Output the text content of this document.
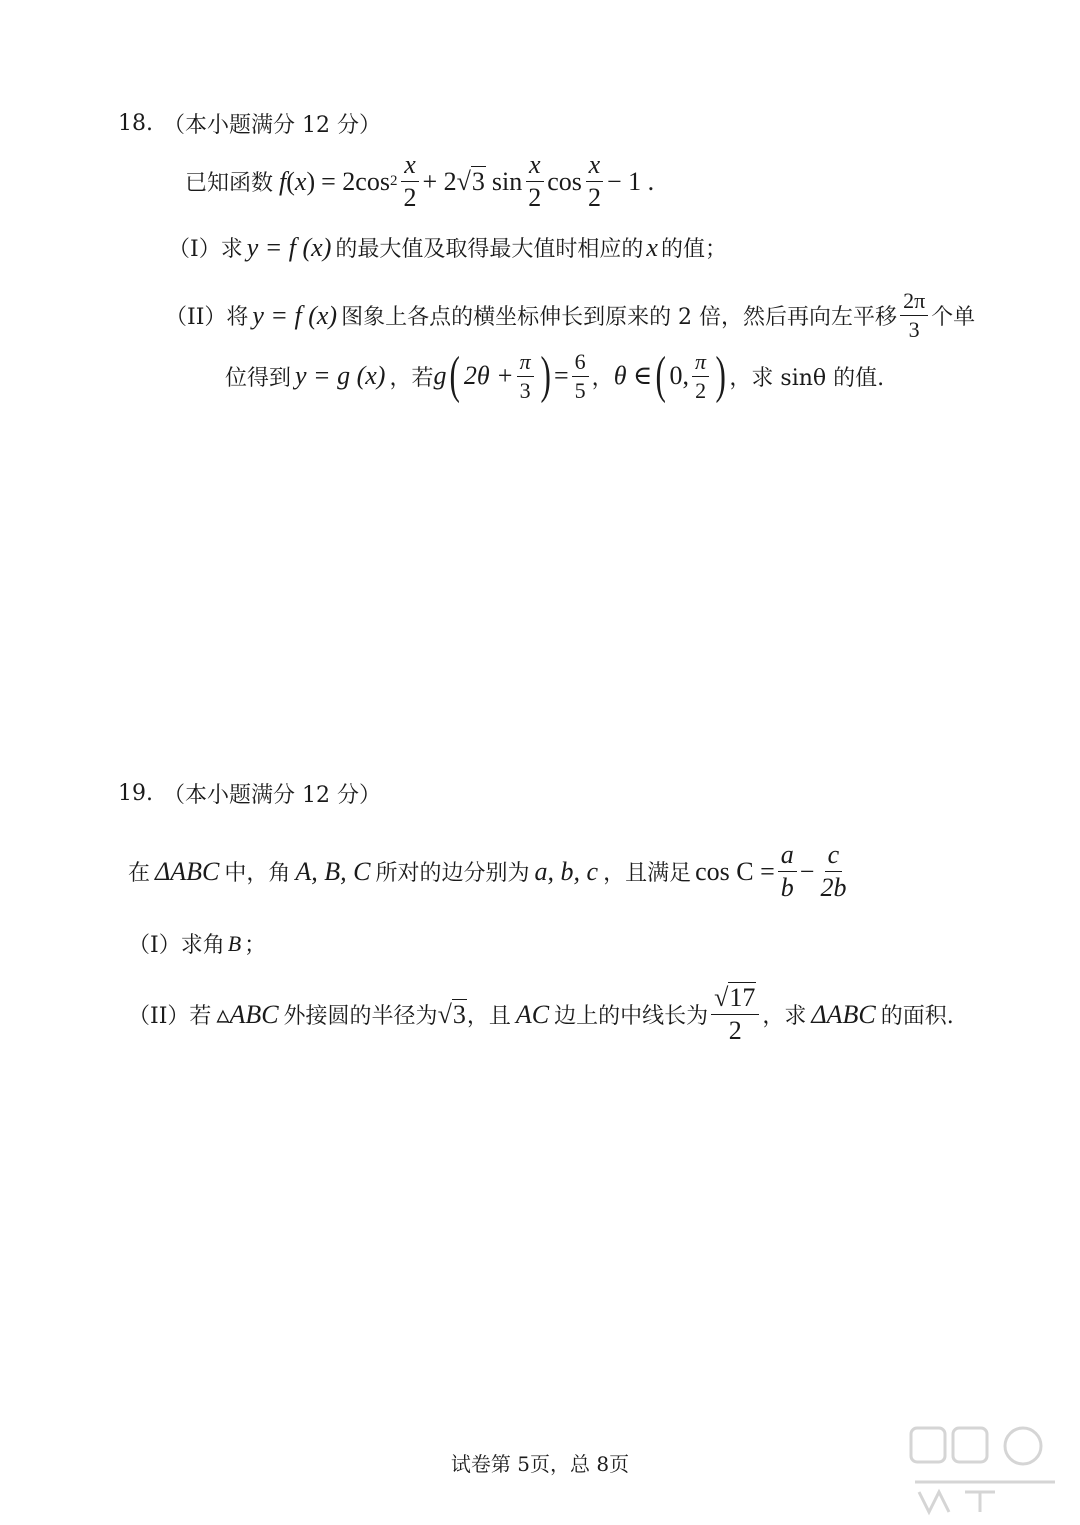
18. （本小题满分 12 分）
已知函数 f ( x ) = 2cos $2 \frac{x}{2} + 2$ √ 3 $\sin \frac{x}{2}$ $\cos \frac{x}{2} - 1$ .
（I）求 y = f (x) 的最大值及取得最大值时相应的 x 的值；
（II）将 y = f (x) 图象上各点的横坐标伸长到原来的 2 倍，然后再向左平移 $\frac{2\pi}{3}$ 个单
位得到 y = g (x) ，若 g ( $2\theta + \frac{\pi}{3}$ ) = $\frac{6}{5}$ ， θ ∈ ( 0, $\frac{\pi}{2}$ ) ，求 sinθ 的值.
19. （本小题满分 12 分）
在 ΔABC 中，角 A, B, C 所对的边分别为 a, b, c ，且满足 $\cos C = \frac{a}{b} - \frac{c}{2b}$
（I）求角 B ；
（II）若 ▵ABC 外接圆的半径为 √3 ，且 AC 边上的中线长为 $\frac{√17}{2}$ ，求 ΔABC 的面积.
试卷第 5页，总 8页
